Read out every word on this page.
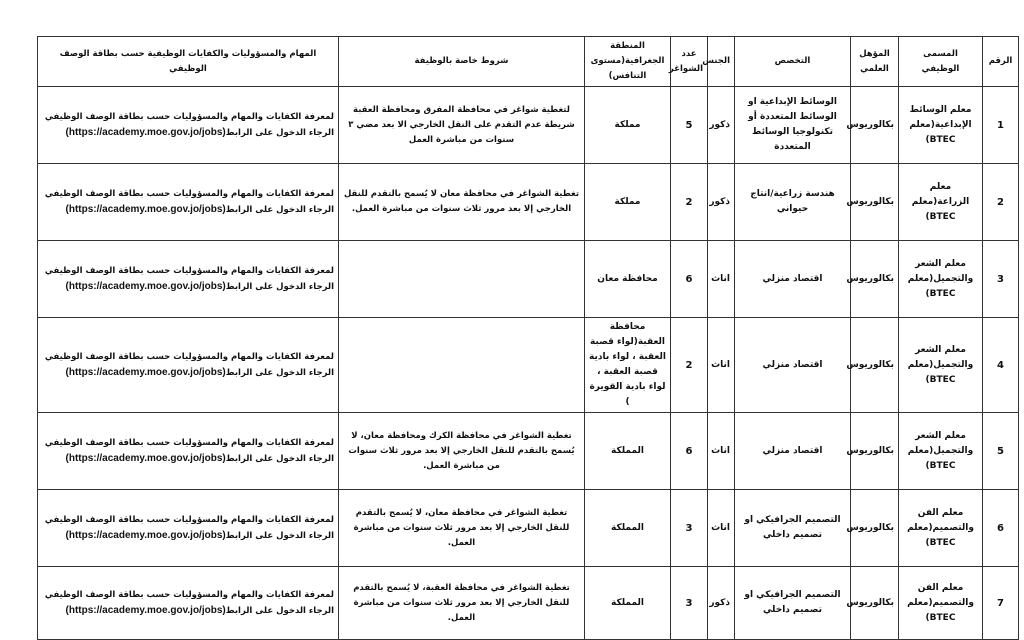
الرقم	المسمى الوظيفي	المؤهل العلمي	التخصص	الجنس	عدد الشواغر	المنطقة الجغرافية(مستوى التنافس)	شروط خاصة بالوظيفة	المهام والمسؤوليات والكفايات الوظيفية حسب بطاقة الوصف الوظيفي
1	معلم الوسائط الإبداعية(معلم BTEC)	بكالوريوس	الوسائط الإبداعية او الوسائط المتعددة أو تكنولوجيا الوسائط المتعددة	ذكور	5	مملكة	لتغطية شواغر في محافظة المفرق ومحافظة العقبة شريطة عدم التقدم على النقل الخارجي الا بعد مضي ٣ سنوات من مباشرة العمل	لمعرفة الكفايات والمهام والمسؤوليات حسب بطاقة الوصف الوظيفي الرجاء الدخول على الرابط(https://academy.moe.gov.jo/jobs)
2	معلم الزراعة(معلم BTEC)	بكالوريوس	هندسة زراعية/انتاج حيواني	ذكور	2	مملكة	تغطية الشواغر في محافظة معان لا يُسمح بالتقدم للنقل الخارجي إلا بعد مرور ثلاث سنوات من مباشرة العمل.	لمعرفة الكفايات والمهام والمسؤوليات حسب بطاقة الوصف الوظيفي الرجاء الدخول على الرابط(https://academy.moe.gov.jo/jobs)
3	معلم الشعر والتجميل(معلم BTEC)	بكالوريوس	اقتصاد منزلي	اناث	6	محافظة معان		لمعرفة الكفايات والمهام والمسؤوليات حسب بطاقة الوصف الوظيفي الرجاء الدخول على الرابط(https://academy.moe.gov.jo/jobs)
4	معلم الشعر والتجميل(معلم BTEC)	بكالوريوس	اقتصاد منزلي	اناث	2	محافظة العقبة(لواء قصبة العقبة ، لواء بادية قصبة العقبة ، لواء بادية القويرة )		لمعرفة الكفايات والمهام والمسؤوليات حسب بطاقة الوصف الوظيفي الرجاء الدخول على الرابط(https://academy.moe.gov.jo/jobs)
5	معلم الشعر والتجميل(معلم BTEC)	بكالوريوس	اقتصاد منزلي	اناث	6	المملكة	تغطية الشواغر في محافظة الكرك ومحافظة معان، لا يُسمح بالتقدم للنقل الخارجي إلا بعد مرور ثلاث سنوات من مباشرة العمل.	لمعرفة الكفايات والمهام والمسؤوليات حسب بطاقة الوصف الوظيفي الرجاء الدخول على الرابط(https://academy.moe.gov.jo/jobs)
6	معلم الفن والتصميم(معلم BTEC)	بكالوريوس	التصميم الجرافيكي او تصميم داخلي	اناث	3	المملكة	تغطية الشواغر في محافظة معان، لا يُسمح بالتقدم للنقل الخارجي إلا بعد مرور ثلاث سنوات من مباشرة العمل.	لمعرفة الكفايات والمهام والمسؤوليات حسب بطاقة الوصف الوظيفي الرجاء الدخول على الرابط(https://academy.moe.gov.jo/jobs)
7	معلم الفن والتصميم(معلم BTEC)	بكالوريوس	التصميم الجرافيكي او تصميم داخلي	ذكور	3	المملكة	تغطية الشواغر في محافظة العقبة، لا يُسمح بالتقدم للنقل الخارجي إلا بعد مرور ثلاث سنوات من مباشرة العمل.	لمعرفة الكفايات والمهام والمسؤوليات حسب بطاقة الوصف الوظيفي الرجاء الدخول على الرابط(https://academy.moe.gov.jo/jobs)
